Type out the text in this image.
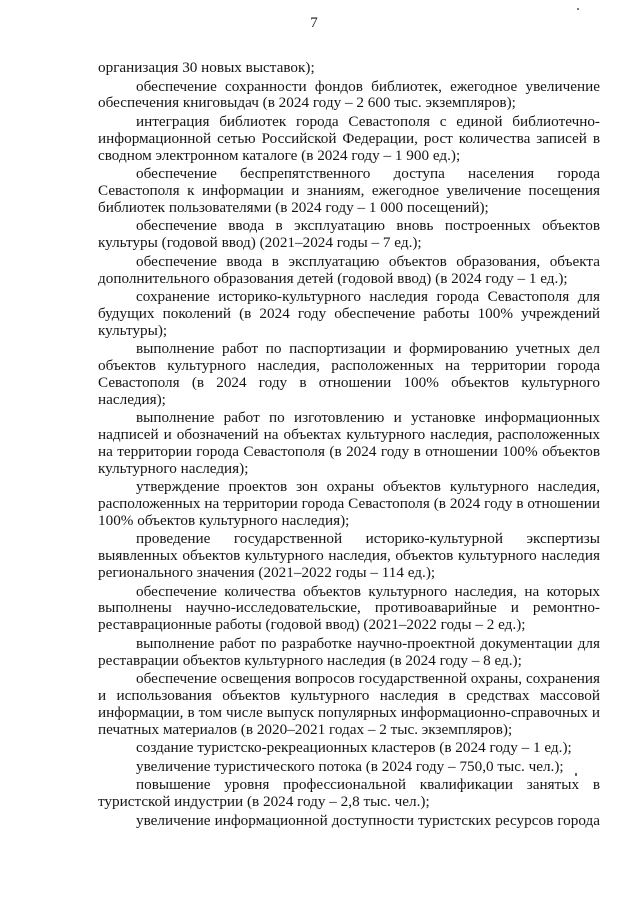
7

организация 30 новых выставок);

обеспечение сохранности фондов библиотек, ежегодное увеличение обеспечения книговыдач (в 2024 году – 2 600 тыс. экземпляров);

интеграция библиотек города Севастополя с единой библиотечно-информационной сетью Российской Федерации, рост количества записей в сводном электронном каталоге (в 2024 году – 1 900 ед.);

обеспечение беспрепятственного доступа населения города Севастополя к информации и знаниям, ежегодное увеличение посещения библиотек пользователями (в 2024 году – 1 000 посещений);

обеспечение ввода в эксплуатацию вновь построенных объектов культуры (годовой ввод) (2021–2024 годы – 7 ед.);

обеспечение ввода в эксплуатацию объектов образования, объекта дополнительного образования детей (годовой ввод) (в 2024 году – 1 ед.);

сохранение историко-культурного наследия города Севастополя для будущих поколений (в 2024 году обеспечение работы 100% учреждений культуры);

выполнение работ по паспортизации и формированию учетных дел объектов культурного наследия, расположенных на территории города Севастополя (в 2024 году в отношении 100% объектов культурного наследия);

выполнение работ по изготовлению и установке информационных надписей и обозначений на объектах культурного наследия, расположенных на территории города Севастополя (в 2024 году в отношении 100% объектов культурного наследия);

утверждение проектов зон охраны объектов культурного наследия, расположенных на территории города Севастополя (в 2024 году в отношении 100% объектов культурного наследия);

проведение государственной историко-культурной экспертизы выявленных объектов культурного наследия, объектов культурного наследия регионального значения (2021–2022 годы – 114 ед.);

обеспечение количества объектов культурного наследия, на которых выполнены научно-исследовательские, противоаварийные и ремонтно-реставрационные работы (годовой ввод) (2021–2022 годы – 2 ед.);

выполнение работ по разработке научно-проектной документации для реставрации объектов культурного наследия (в 2024 году – 8 ед.);

обеспечение освещения вопросов государственной охраны, сохранения и использования объектов культурного наследия в средствах массовой информации, в том числе выпуск популярных информационно-справочных и печатных материалов (в 2020–2021 годах – 2 тыс. экземпляров);

создание туристско-рекреационных кластеров (в 2024 году – 1 ед.);

увеличение туристического потока (в 2024 году – 750,0 тыс. чел.);

повышение уровня профессиональной квалификации занятых в туристской индустрии (в 2024 году – 2,8 тыс. чел.);

увеличение информационной доступности туристских ресурсов города
